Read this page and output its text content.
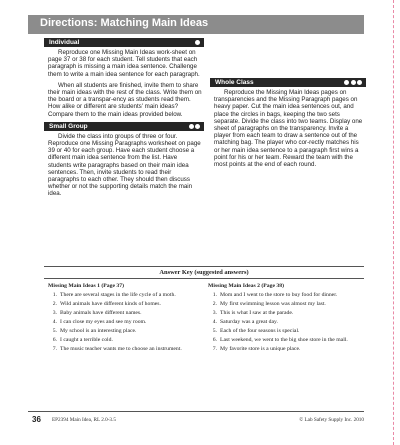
Directions: Matching Main Ideas
Individual

Reproduce one Missing Main Ideas work-sheet on page 37 or 38 for each student. Tell students that each paragraph is missing a main idea sentence. Challenge them to write a main idea sentence for each paragraph.

When all students are finished, invite them to share their main ideas with the rest of the class. Write them on the board or a transpar-ency as students read them. How alike or different are students' main ideas? Compare them to the main ideas provided below.

Small Group

Divide the class into groups of three or four. Reproduce one Missing Paragraphs worksheet on page 39 or 40 for each group. Have each student choose a different main idea sentence from the list. Have students write paragraphs based on their main idea sentences. Then, invite students to read their paragraphs to each other. They should then discuss whether or not the supporting details match the main idea.

Whole Class

Reproduce the Missing Main Ideas pages on transparencies and the Missing Paragraph pages on heavy paper. Cut the main idea sentences out, and place the circles in bags, keeping the two sets separate. Divide the class into two teams. Display one sheet of paragraphs on the transparency. Invite a player from each team to draw a sentence out of the matching bag. The player who cor-rectly matches his or her main idea sentence to a paragraph first wins a point for his or her team. Reward the team with the most points at the end of each round.

Answer Key (suggested answers)
Missing Main Ideas 1 (Page 37)
1. There are several stages in the life cycle of a moth.
2. Wild animals have different kinds of homes.
3. Baby animals have different names.
4. I can close my eyes and see my room.
5. My school is an interesting place.
6. I caught a terrible cold.
7. The music teacher wants me to choose an instrument.
Missing Main Ideas 2 (Page 38)
1. Mom and I went to the store to buy food for dinner.
2. My first swimming lesson was almost my last.
3. This is what I saw at the parade.
4. Saturday was a great day.
5. Each of the four seasons is special.
6. Last weekend, we went to the big shoe store in the mall.
7. My favorite store is a unique place.
36 EP2394 Main Idea, RL 2.0-3.5	© Lab Safety Supply Inc. 2010
